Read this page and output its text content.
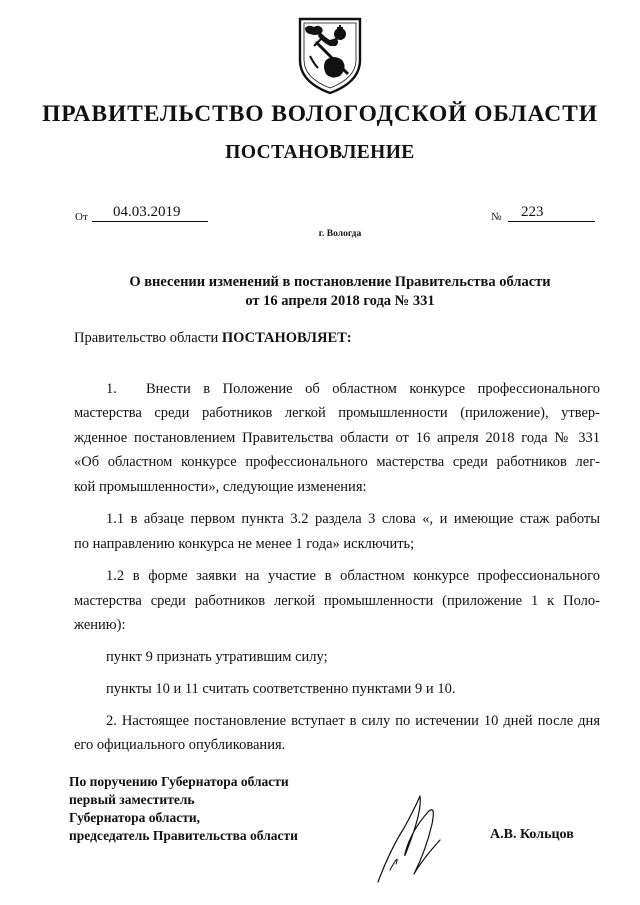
ПРАВИТЕЛЬСТВО ВОЛОГОДСКОЙ ОБЛАСТИ
ПОСТАНОВЛЕНИЕ
От 04.03.2019	№ 223
г. Вологда
О внесении изменений в постановление Правительства области
от 16 апреля 2018 года № 331
Правительство области ПОСТАНОВЛЯЕТ:
1. Внести в Положение об областном конкурсе профессионального
мастерства среди работников легкой промышленности (приложение), утвер-
жденное постановлением Правительства области от 16 апреля 2018 года № 331
«Об областном конкурсе профессионального мастерства среди работников лег-
кой промышленности», следующие изменения:
1.1 в абзаце первом пункта 3.2 раздела 3 слова «, и имеющие стаж работы
по направлению конкурса не менее 1 года» исключить;
1.2 в форме заявки на участие в областном конкурсе профессионального
мастерства среди работников легкой промышленности (приложение 1 к Поло-
жению):
пункт 9 признать утратившим силу;
пункты 10 и 11 считать соответственно пунктами 9 и 10.
2. Настоящее постановление вступает в силу по истечении 10 дней после дня
его официального опубликования.
По поручению Губернатора области
первый заместитель
Губернатора области,
председатель Правительства области	А.В. Кольцов
